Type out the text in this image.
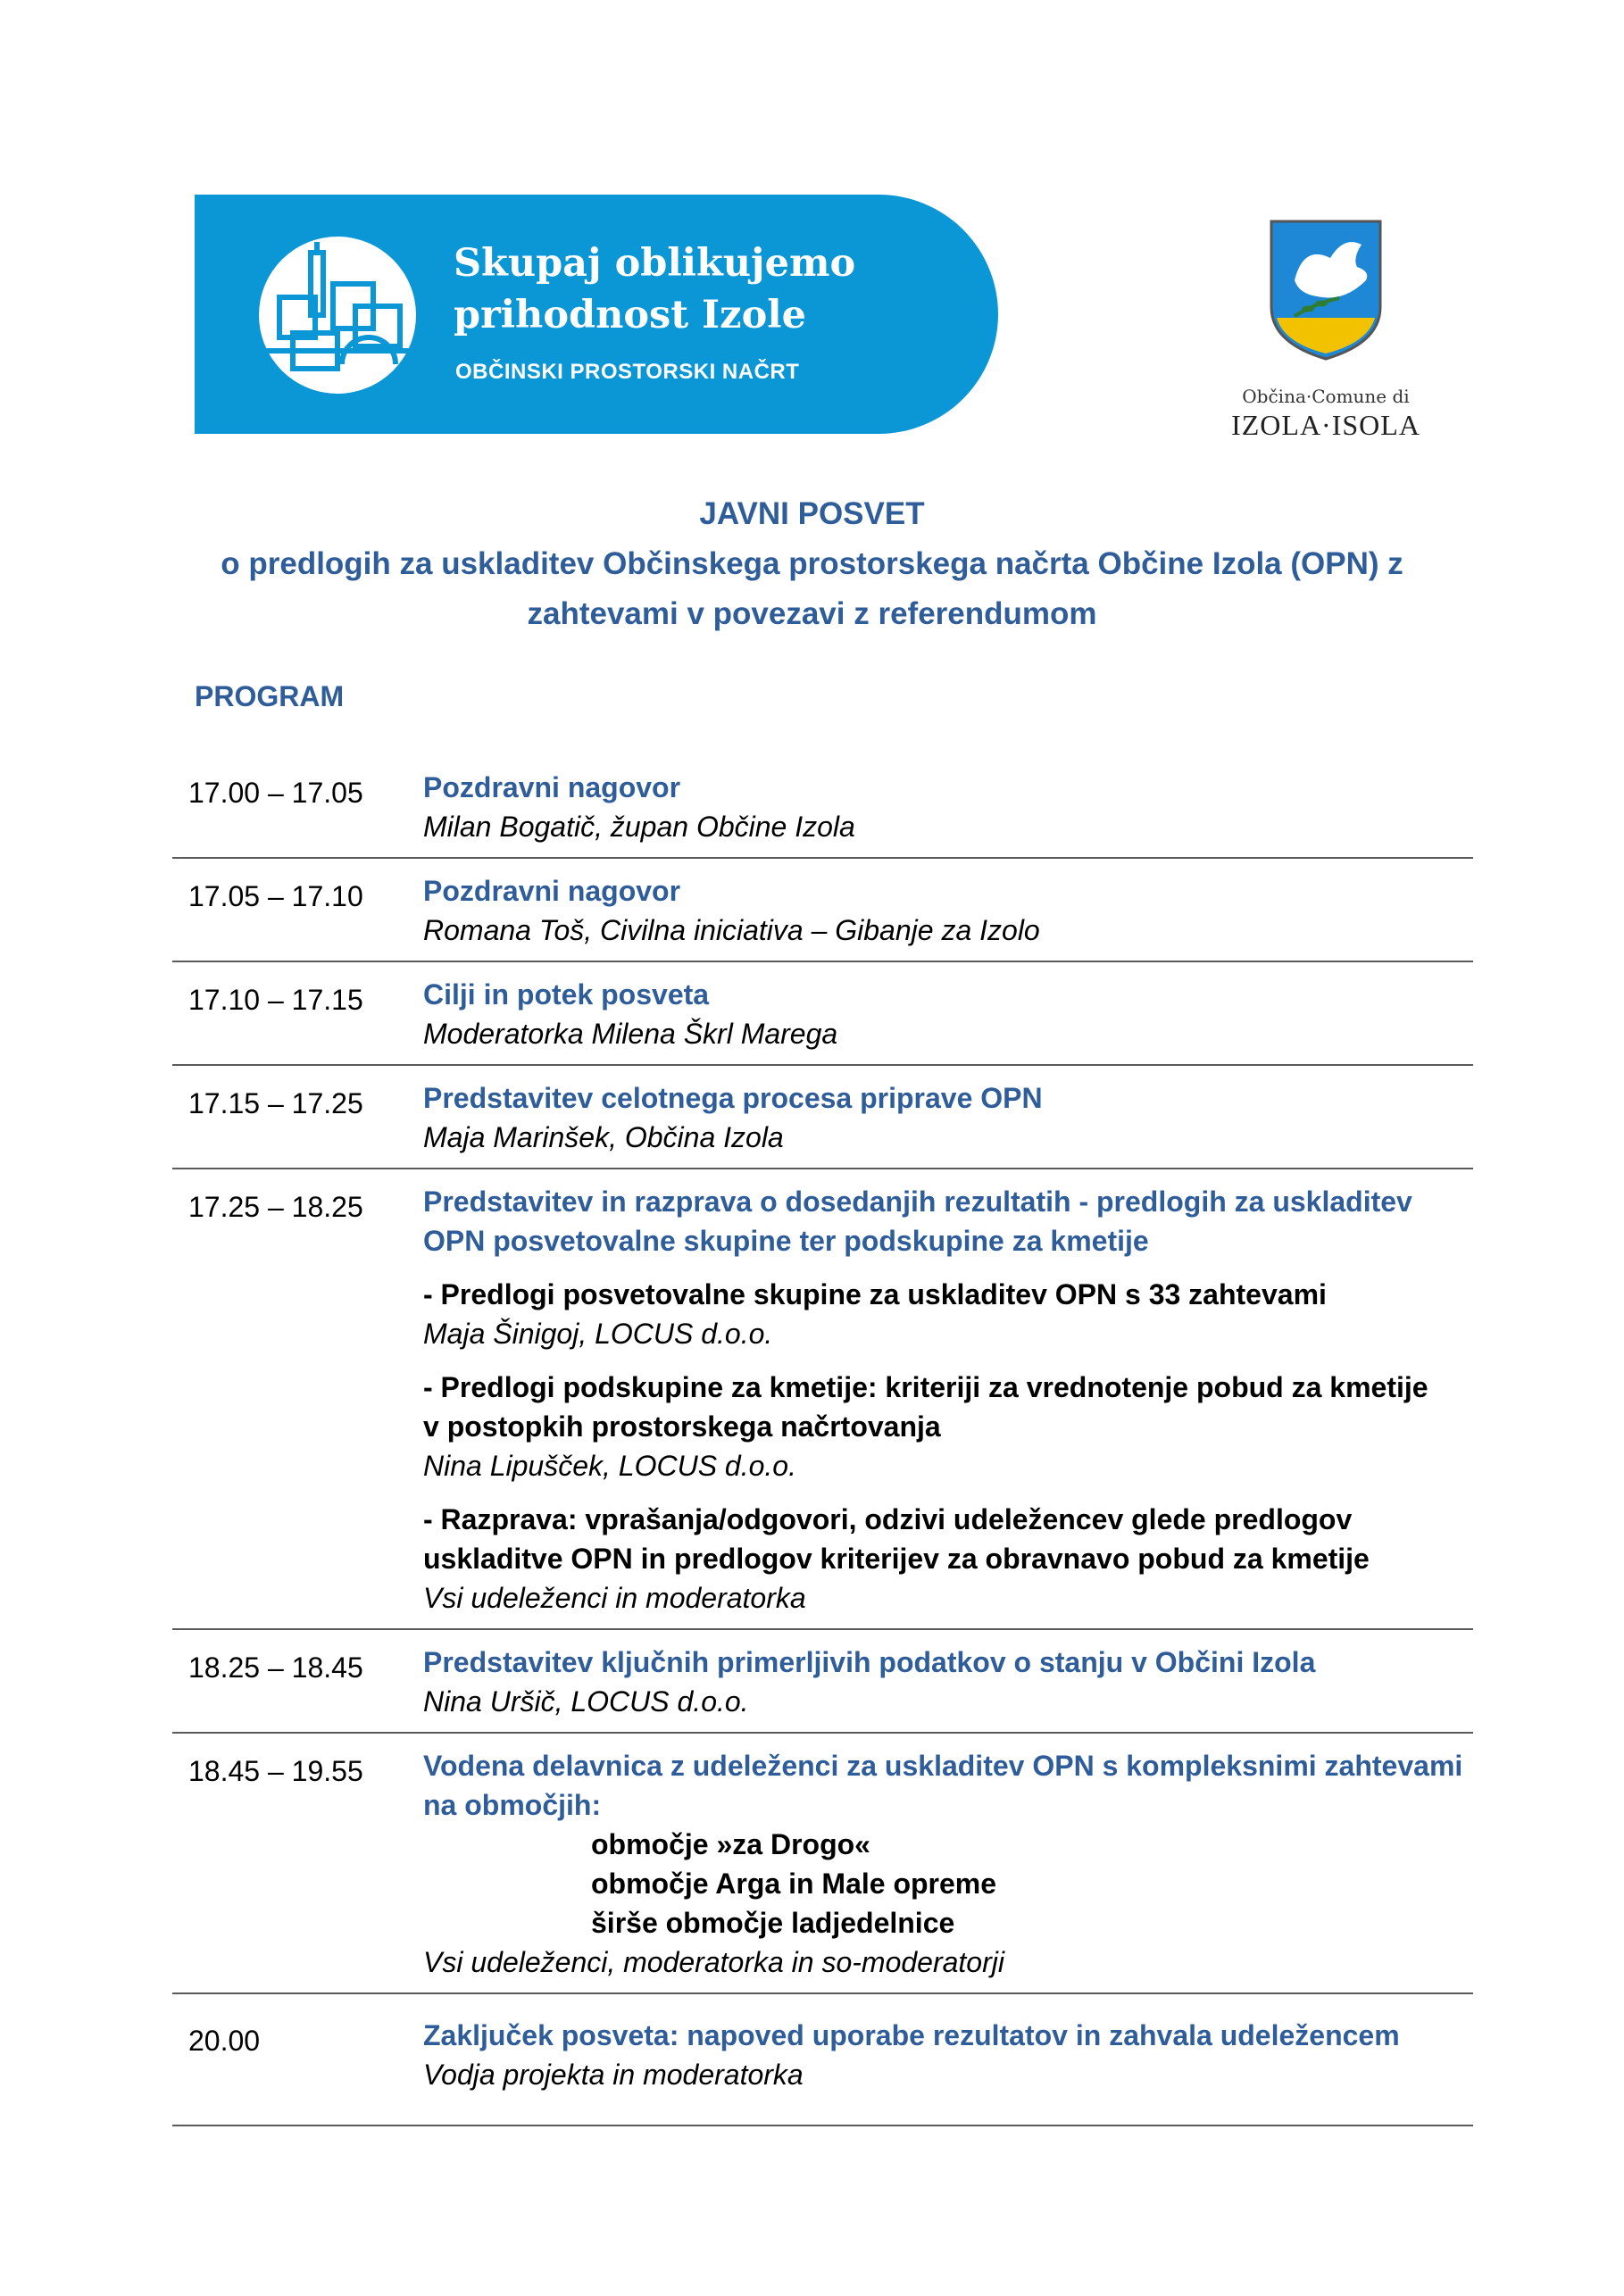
Skupaj oblikujemo
prihodnost Izole
OBČINSKI PROSTORSKI NAČRT
Občina·Comune di
IZOLA·ISOLA
JAVNI POSVET
o predlogih za uskladitev Občinskega prostorskega načrta Občine Izola (OPN) z
zahtevami v povezavi z referendumom
PROGRAM
17.00 – 17.05 Pozdravni nagovor
Milan Bogatič, župan Občine Izola
17.05 – 17.10 Pozdravni nagovor
Romana Toš, Civilna iniciativa – Gibanje za Izolo
17.10 – 17.15 Cilji in potek posveta
Moderatorka Milena Škrl Marega
17.15 – 17.25 Predstavitev celotnega procesa priprave OPN
Maja Marinšek, Občina Izola
17.25 – 18.25 Predstavitev in razprava o dosedanjih rezultatih - predlogih za uskladitev
OPN posvetovalne skupine ter podskupine za kmetije
- Predlogi posvetovalne skupine za uskladitev OPN s 33 zahtevami
Maja Šinigoj, LOCUS d.o.o.
- Predlogi podskupine za kmetije: kriteriji za vrednotenje pobud za kmetije
v postopkih prostorskega načrtovanja
Nina Lipušček, LOCUS d.o.o.
- Razprava: vprašanja/odgovori, odzivi udeležencev glede predlogov
uskladitve OPN in predlogov kriterijev za obravnavo pobud za kmetije
Vsi udeleženci in moderatorka
18.25 – 18.45 Predstavitev ključnih primerljivih podatkov o stanju v Občini Izola
Nina Uršič, LOCUS d.o.o.
18.45 – 19.55 Vodena delavnica z udeleženci za uskladitev OPN s kompleksnimi zahtevami
na območjih:
območje »za Drogo«
območje Arga in Male opreme
širše območje ladjedelnice
Vsi udeleženci, moderatorka in so-moderatorji
20.00	Zaključek posveta: napoved uporabe rezultatov in zahvala udeležencem
Vodja projekta in moderatorka
